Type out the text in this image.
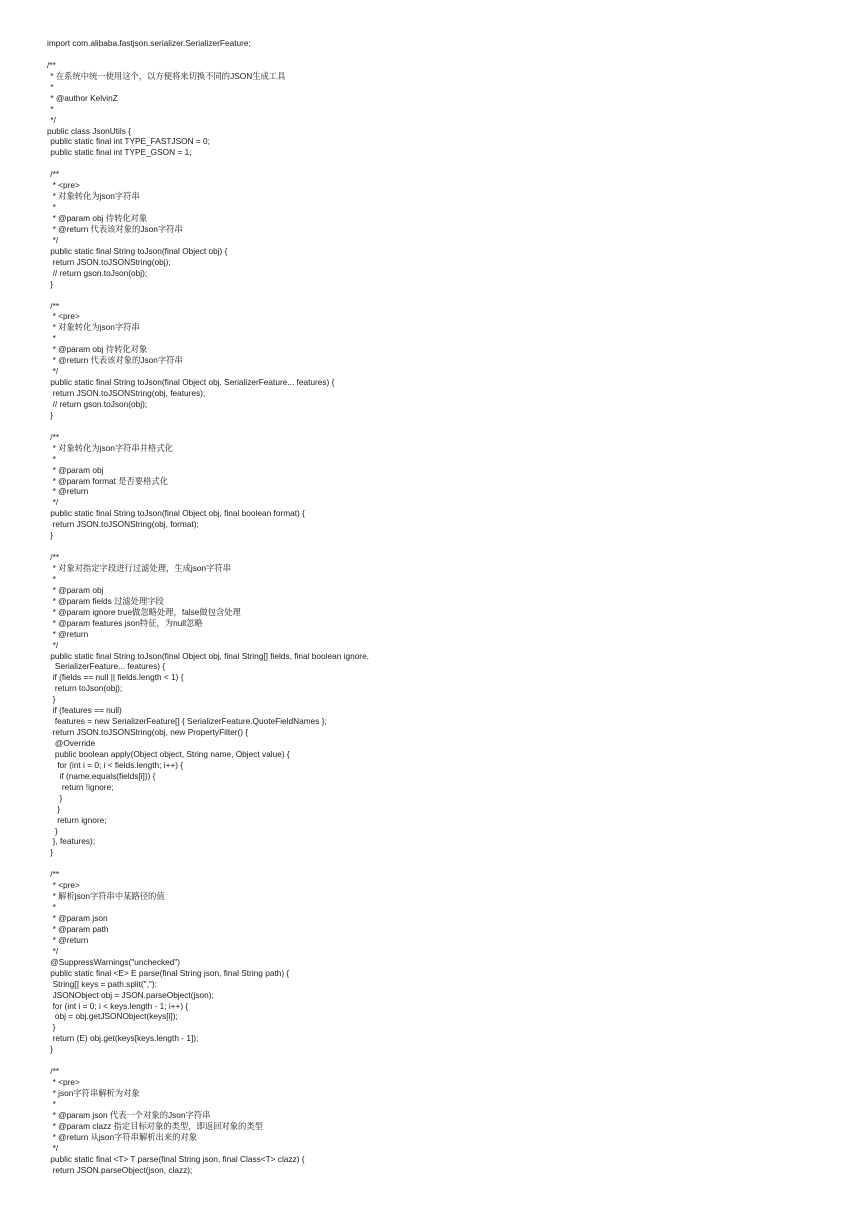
import com.alibaba.fastjson.serializer.SerializerFeature;
/**
* 在系统中统一使用这个，以方便将来切换不同的JSON生成工具
*
* @author KelvinZ
*
*/
public class JsonUtils {
public static final int TYPE_FASTJSON = 0;
public static final int TYPE_GSON = 1;
/**
* <pre>
* 对象转化为json字符串
*
* @param obj 待转化对象
* @return 代表该对象的Json字符串
*/
public static final String toJson(final Object obj) {
return JSON.toJSONString(obj);
// return gson.toJson(obj);
}
/**
* <pre>
* 对象转化为json字符串
*
* @param obj 待转化对象
* @return 代表该对象的Json字符串
*/
public static final String toJson(final Object obj, SerializerFeature... features) {
return JSON.toJSONString(obj, features);
// return gson.toJson(obj);
}
/**
* 对象转化为json字符串并格式化
*
* @param obj
* @param format 是否要格式化
* @return
*/
public static final String toJson(final Object obj, final boolean format) {
return JSON.toJSONString(obj, format);
}
/**
* 对象对指定字段进行过滤处理，生成json字符串
*
* @param obj
* @param fields 过滤处理字段
* @param ignore true做忽略处理，false做包含处理
* @param features json特征，为null忽略
* @return
*/
public static final String toJson(final Object obj, final String[] fields, final boolean ignore,
SerializerFeature... features) {
if (fields == null || fields.length < 1) {
return toJson(obj);
}
if (features == null)
features = new SerializerFeature[] { SerializerFeature.QuoteFieldNames };
return JSON.toJSONString(obj, new PropertyFilter() {
@Override
public boolean apply(Object object, String name, Object value) {
for (int i = 0; i < fields.length; i++) {
if (name.equals(fields[i])) {
return !ignore;
}
}
return ignore;
}
}, features);
}
/**
* <pre>
* 解析json字符串中某路径的值
*
* @param json
* @param path
* @return
*/
@SuppressWarnings("unchecked")
public static final <E> E parse(final String json, final String path) {
String[] keys = path.split(",");
JSONObject obj = JSON.parseObject(json);
for (int i = 0; i < keys.length - 1; i++) {
obj = obj.getJSONObject(keys[i]);
}
return (E) obj.get(keys[keys.length - 1]);
}
/**
* <pre>
* json字符串解析为对象
*
* @param json 代表一个对象的Json字符串
* @param clazz 指定目标对象的类型，即返回对象的类型
* @return 从json字符串解析出来的对象
*/
public static final <T> T parse(final String json, final Class<T> clazz) {
return JSON.parseObject(json, clazz);
